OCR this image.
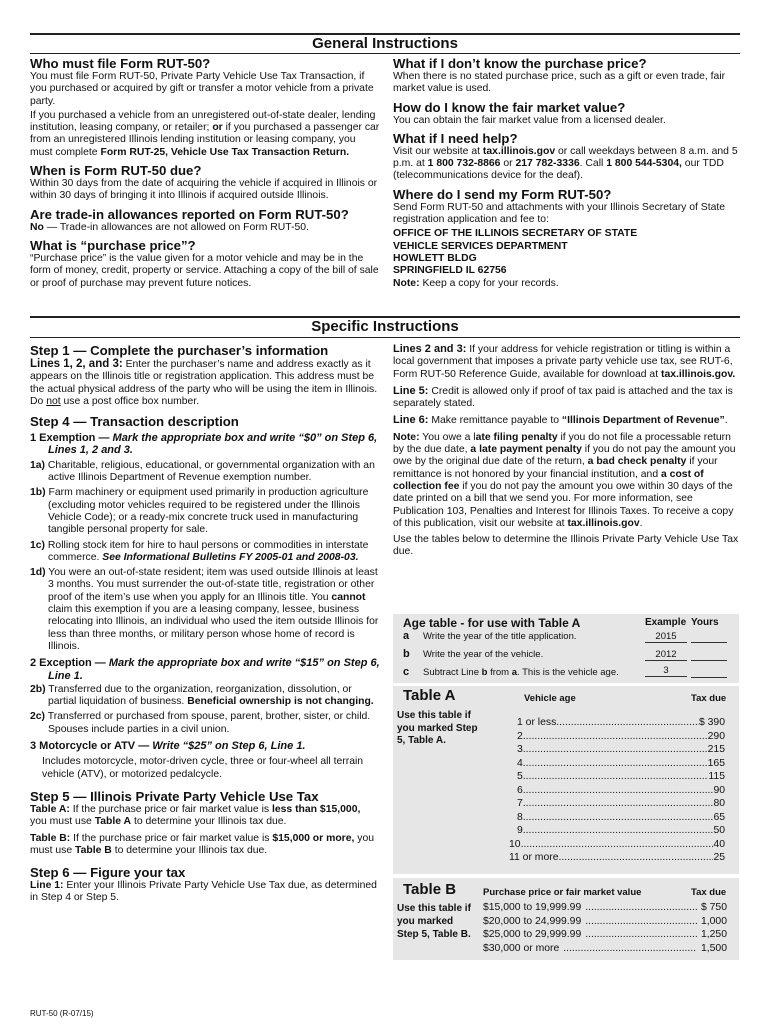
General Instructions
Who must file Form RUT-50?

You must file Form RUT-50, Private Party Vehicle Use Tax Transaction, if you purchased or acquired by gift or transfer a motor vehicle from a private party.

If you purchased a vehicle from an unregistered out-of-state dealer, lending institution, leasing company, or retailer; or if you purchased a passenger car from an unregistered Illinois lending institution or leasing company, you must complete Form RUT-25, Vehicle Use Tax Transaction Return.

When is Form RUT-50 due?

Within 30 days from the date of acquiring the vehicle if acquired in Illinois or within 30 days of bringing it into Illinois if acquired outside Illinois.

Are trade-in allowances reported on Form RUT-50?

No — Trade-in allowances are not allowed on Form RUT-50.

What is “purchase price”?

“Purchase price” is the value given for a motor vehicle and may be in the form of money, credit, property or service. Attaching a copy of the bill of sale or proof of purchase may prevent future notices.

What if I don’t know the purchase price?

When there is no stated purchase price, such as a gift or even trade, fair market value is used.

How do I know the fair market value?

You can obtain the fair market value from a licensed dealer.

What if I need help?

Visit our website at tax.illinois.gov or call weekdays between 8 a.m. and 5 p.m. at 1 800 732-8866 or 217 782-3336. Call 1 800 544-5304, our TDD (telecommunications device for the deaf).

Where do I send my Form RUT-50?

Send Form RUT-50 and attachments with your Illinois Secretary of State registration application and fee to:

OFFICE OF THE ILLINOIS SECRETARY OF STATE
VEHICLE SERVICES DEPARTMENT
HOWLETT BLDG
SPRINGFIELD IL 62756

Note: Keep a copy for your records.

Specific Instructions
Step 1 — Complete the purchaser’s information

Lines 1, 2, and 3: Enter the purchaser’s name and address exactly as it appears on the Illinois title or registration application. This address must be the actual physical address of the party who will be using the item in Illinois. Do not use a post office box number.

Step 4 — Transaction description

1 Exemption — Mark the appropriate box and write “$0” on Step 6, Lines 1, 2 and 3.

1a) Charitable, religious, educational, or governmental organization with an active Illinois Department of Revenue exemption number.

1b) Farm machinery or equipment used primarily in production agriculture (excluding motor vehicles required to be registered under the Illinois Vehicle Code); or a ready-mix concrete truck used in manufacturing tangible personal property for sale.

1c) Rolling stock item for hire to haul persons or commodities in interstate commerce. See Informational Bulletins FY 2005-01 and 2008-03.

1d) You were an out-of-state resident; item was used outside Illinois at least 3 months. You must surrender the out-of-state title, registration or other proof of the item’s use when you apply for an Illinois title. You cannot claim this exemption if you are a leasing company, lessee, business relocating into Illinois, an individual who used the item outside Illinois for less than three months, or military person whose home of record is Illinois.

2 Exception — Mark the appropriate box and write “$15” on Step 6, Line 1.

2b) Transferred due to the organization, reorganization, dissolution, or partial liquidation of business. Beneficial ownership is not changing.

2c) Transferred or purchased from spouse, parent, brother, sister, or child. Spouses include parties in a civil union.

3 Motorcycle or ATV — Write “$25” on Step 6, Line 1.

Includes motorcycle, motor-driven cycle, three or four-wheel all terrain vehicle (ATV), or motorized pedalcycle.

Step 5 — Illinois Private Party Vehicle Use Tax

Table A: If the purchase price or fair market value is less than $15,000, you must use Table A to determine your Illinois tax due.

Table B: If the purchase price or fair market value is $15,000 or more, you must use Table B to determine your Illinois tax due.

Step 6 — Figure your tax

Line 1: Enter your Illinois Private Party Vehicle Use Tax due, as determined in Step 4 or Step 5.

Lines 2 and 3: If your address for vehicle registration or titling is within a local government that imposes a private party vehicle use tax, see RUT-6, Form RUT-50 Reference Guide, available for download at tax.illinois.gov.

Line 5: Credit is allowed only if proof of tax paid is attached and the tax is separately stated.

Line 6: Make remittance payable to “Illinois Department of Revenue”.

Note: You owe a late filing penalty if you do not file a processable return by the due date, a late payment penalty if you do not pay the amount you owe by the original due date of the return, a bad check penalty if your remittance is not honored by your financial institution, and a cost of collection fee if you do not pay the amount you owe within 30 days of the date printed on a bill that we send you. For more information, see Publication 103, Penalties and Interest for Illinois Taxes. To receive a copy of this publication, visit our website at tax.illinois.gov.

Use the tables below to determine the Illinois Private Party Vehicle Use Tax due.

Age table - for use with Table A	Example Yours
a Write the year of the title application.	2015
b Write the year of the vehicle.	2012
c Subtract Line b from a. This is the vehicle age.	3
Table A
Use this table if you marked Step 5, Table A.
Vehicle age	Tax due
1 or less .....	$ 390
2 .....	290
3 .....	215
4 .....	165
5 .....	115
6 .....	90
7 .....	80
8 .....	65
9 .....	50
10 .....	40
11 or more .....	25
Table B
Use this table if you marked Step 5, Table B.
Purchase price or fair market value	Tax due
$15,000 to 19,999.99 .....	$ 750
$20,000 to 24,999.99 .....	1,000
$25,000 to 29,999.99 .....	1,250
$30,000 or more .....	1,500
RUT-50 (R-07/15)
